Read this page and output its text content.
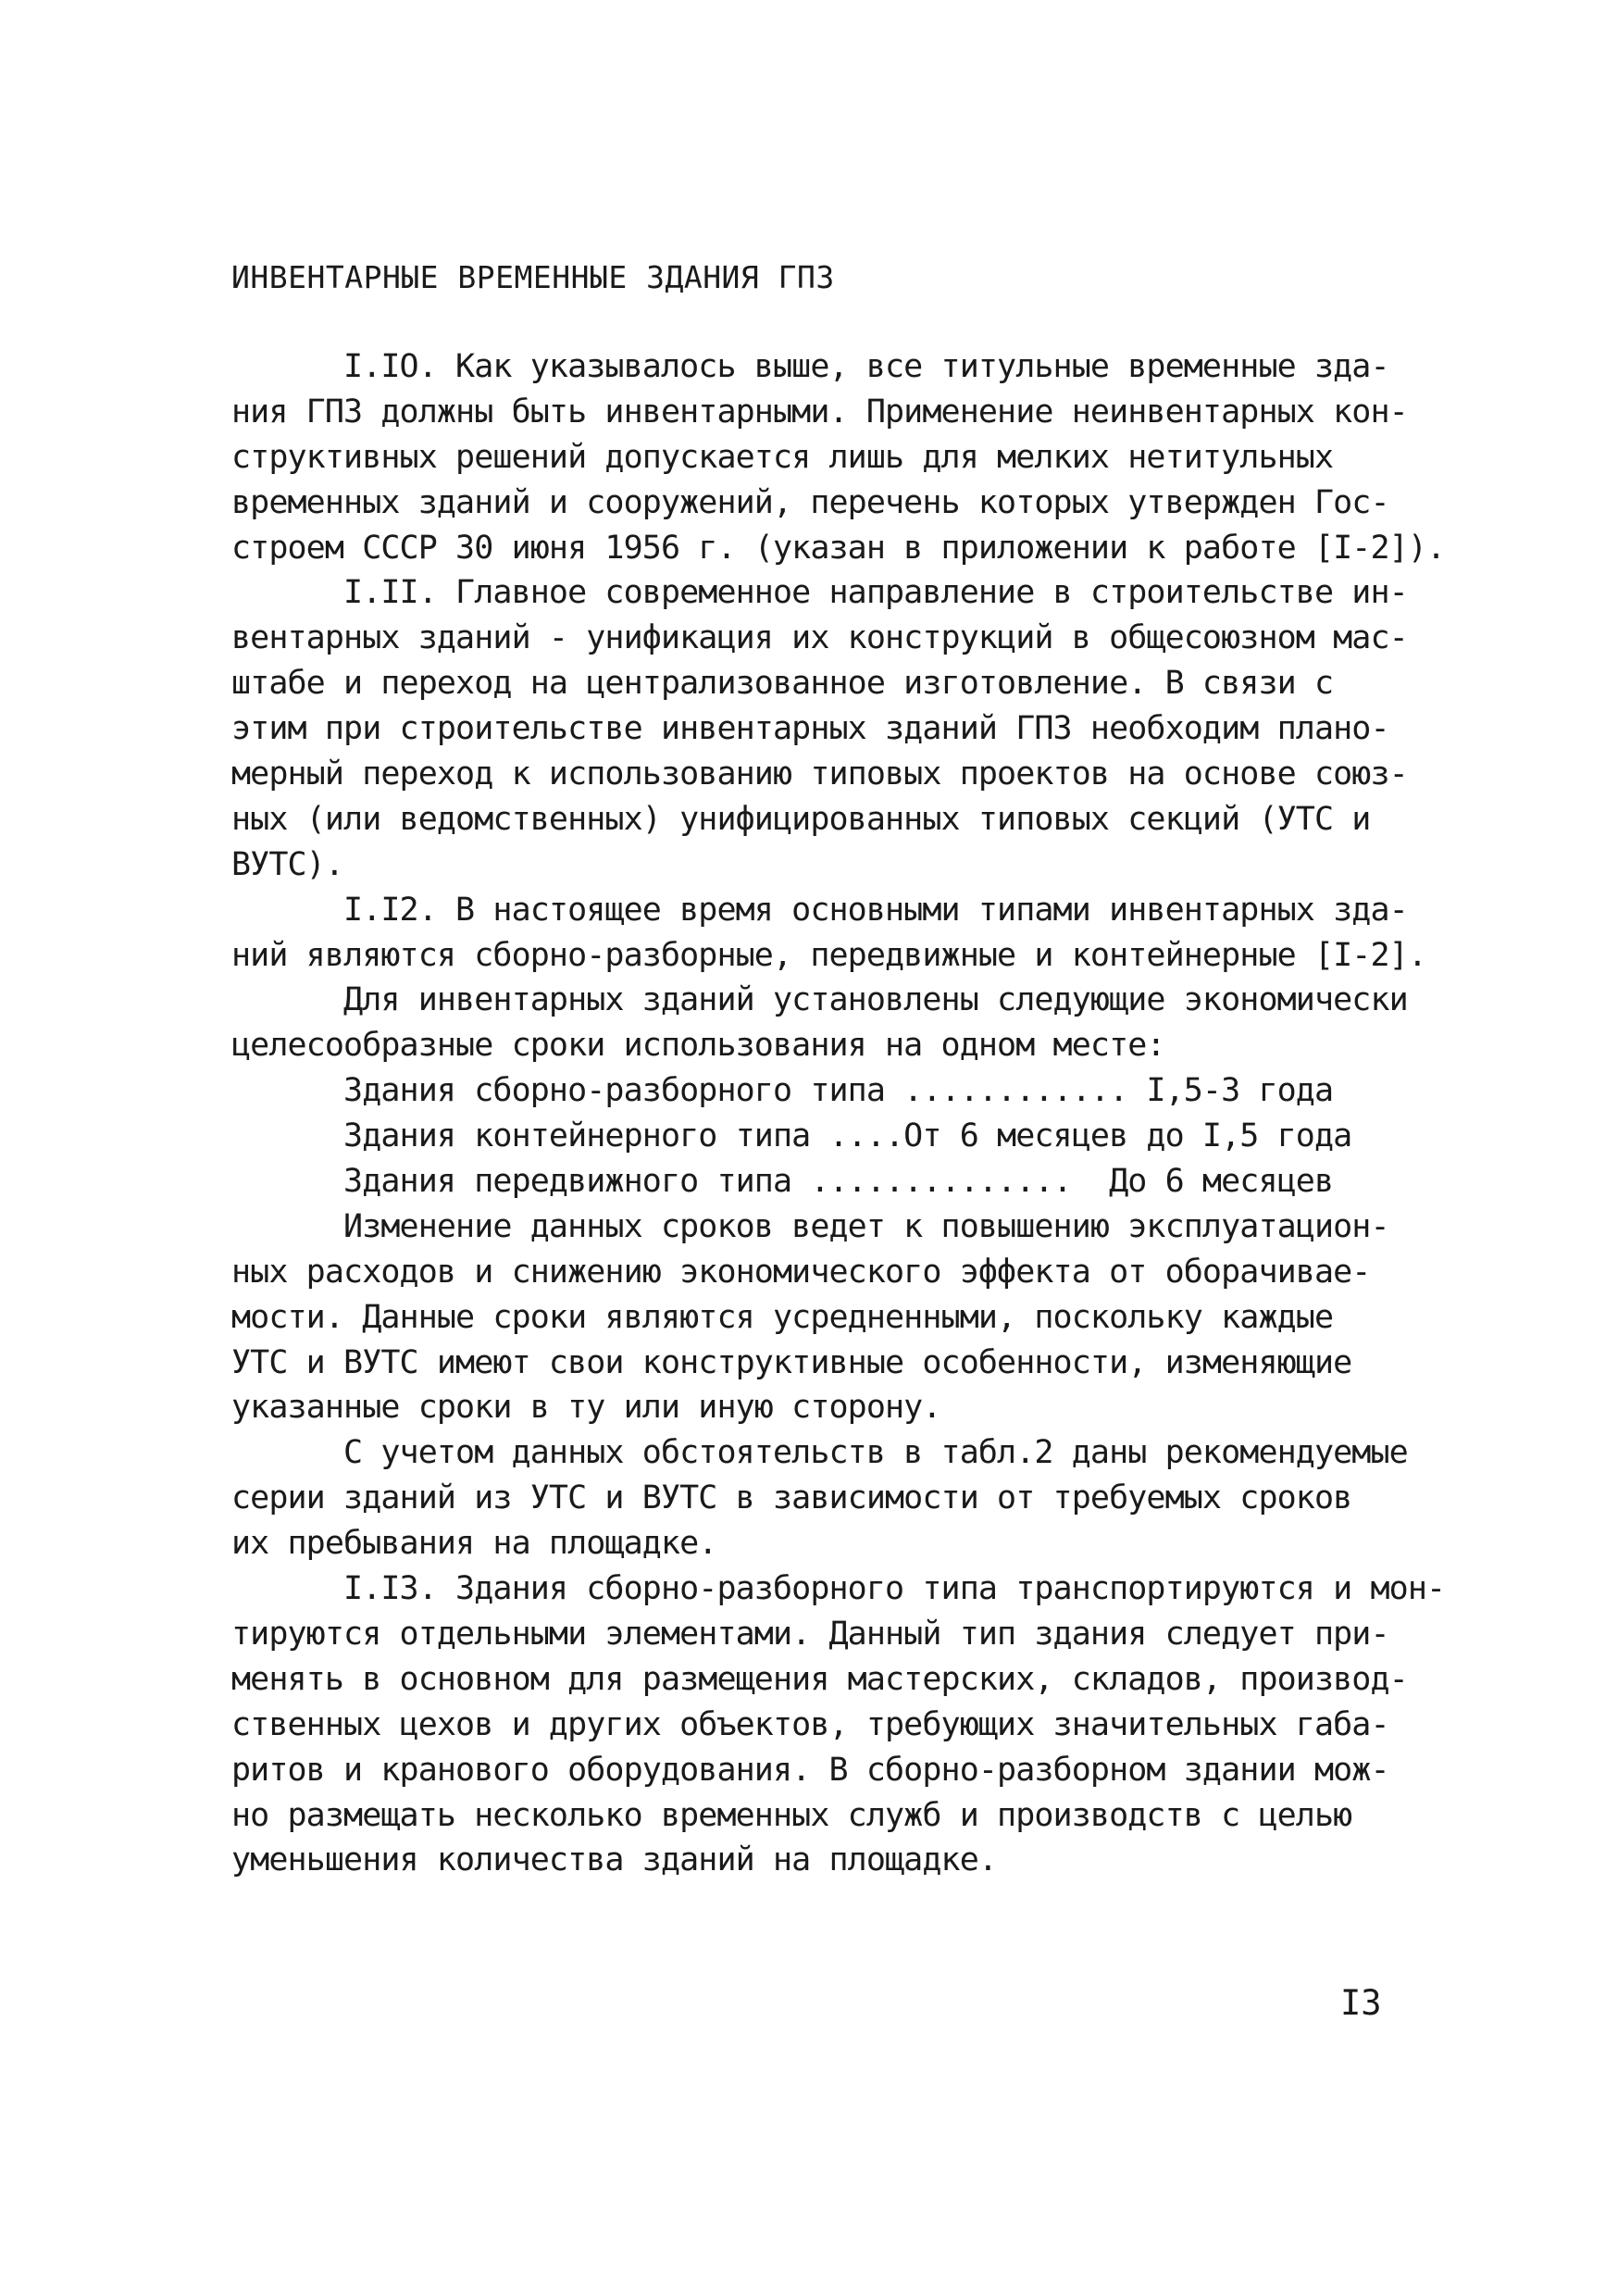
ИНВЕНТАРНЫЕ ВРЕМЕННЫЕ ЗДАНИЯ ГПЗ
I.IO. Как указывалось выше, все титульные временные зда-
ния ГПЗ должны быть инвентарными. Применение неинвентарных кон-
структивных решений допускается лишь для мелких нетитульных
временных зданий и сооружений, перечень которых утвержден Гос-
строем СССР 30 июня 1956 г. (указан в приложении к работе [I-2]).
I.II. Главное современное направление в строительстве ин-
вентарных зданий - унификация их конструкций в общесоюзном мас-
штабе и переход на централизованное изготовление. В связи с
этим при строительстве инвентарных зданий ГПЗ необходим плано-
мерный переход к использованию типовых проектов на основе союз-
ных (или ведомственных) унифицированных типовых секций (УТС и
ВУТС).
I.I2. В настоящее время основными типами инвентарных зда-
ний являются сборно-разборные, передвижные и контейнерные [I-2].
Для инвентарных зданий установлены следующие экономически
целесообразные сроки использования на одном месте:
Здания сборно-разборного типа ............ I,5-3 года
Здания контейнерного типа ....От 6 месяцев до I,5 года
Здания передвижного типа ..............  До 6 месяцев
Изменение данных сроков ведет к повышению эксплуатацион-
ных расходов и снижению экономического эффекта от оборачивае-
мости. Данные сроки являются усредненными, поскольку каждые
УТС и ВУТС имеют свои конструктивные особенности, изменяющие
указанные сроки в ту или иную сторону.
С учетом данных обстоятельств в табл.2 даны рекомендуемые
серии зданий из УТС и ВУТС в зависимости от требуемых сроков
их пребывания на площадке.
I.I3. Здания сборно-разборного типа транспортируются и мон-
тируются отдельными элементами. Данный тип здания следует при-
менять в основном для размещения мастерских, складов, производ-
ственных цехов и других объектов, требующих значительных габа-
ритов и кранового оборудования. В сборно-разборном здании мож-
но размещать несколько временных служб и производств с целью
уменьшения количества зданий на площадке.
I3
